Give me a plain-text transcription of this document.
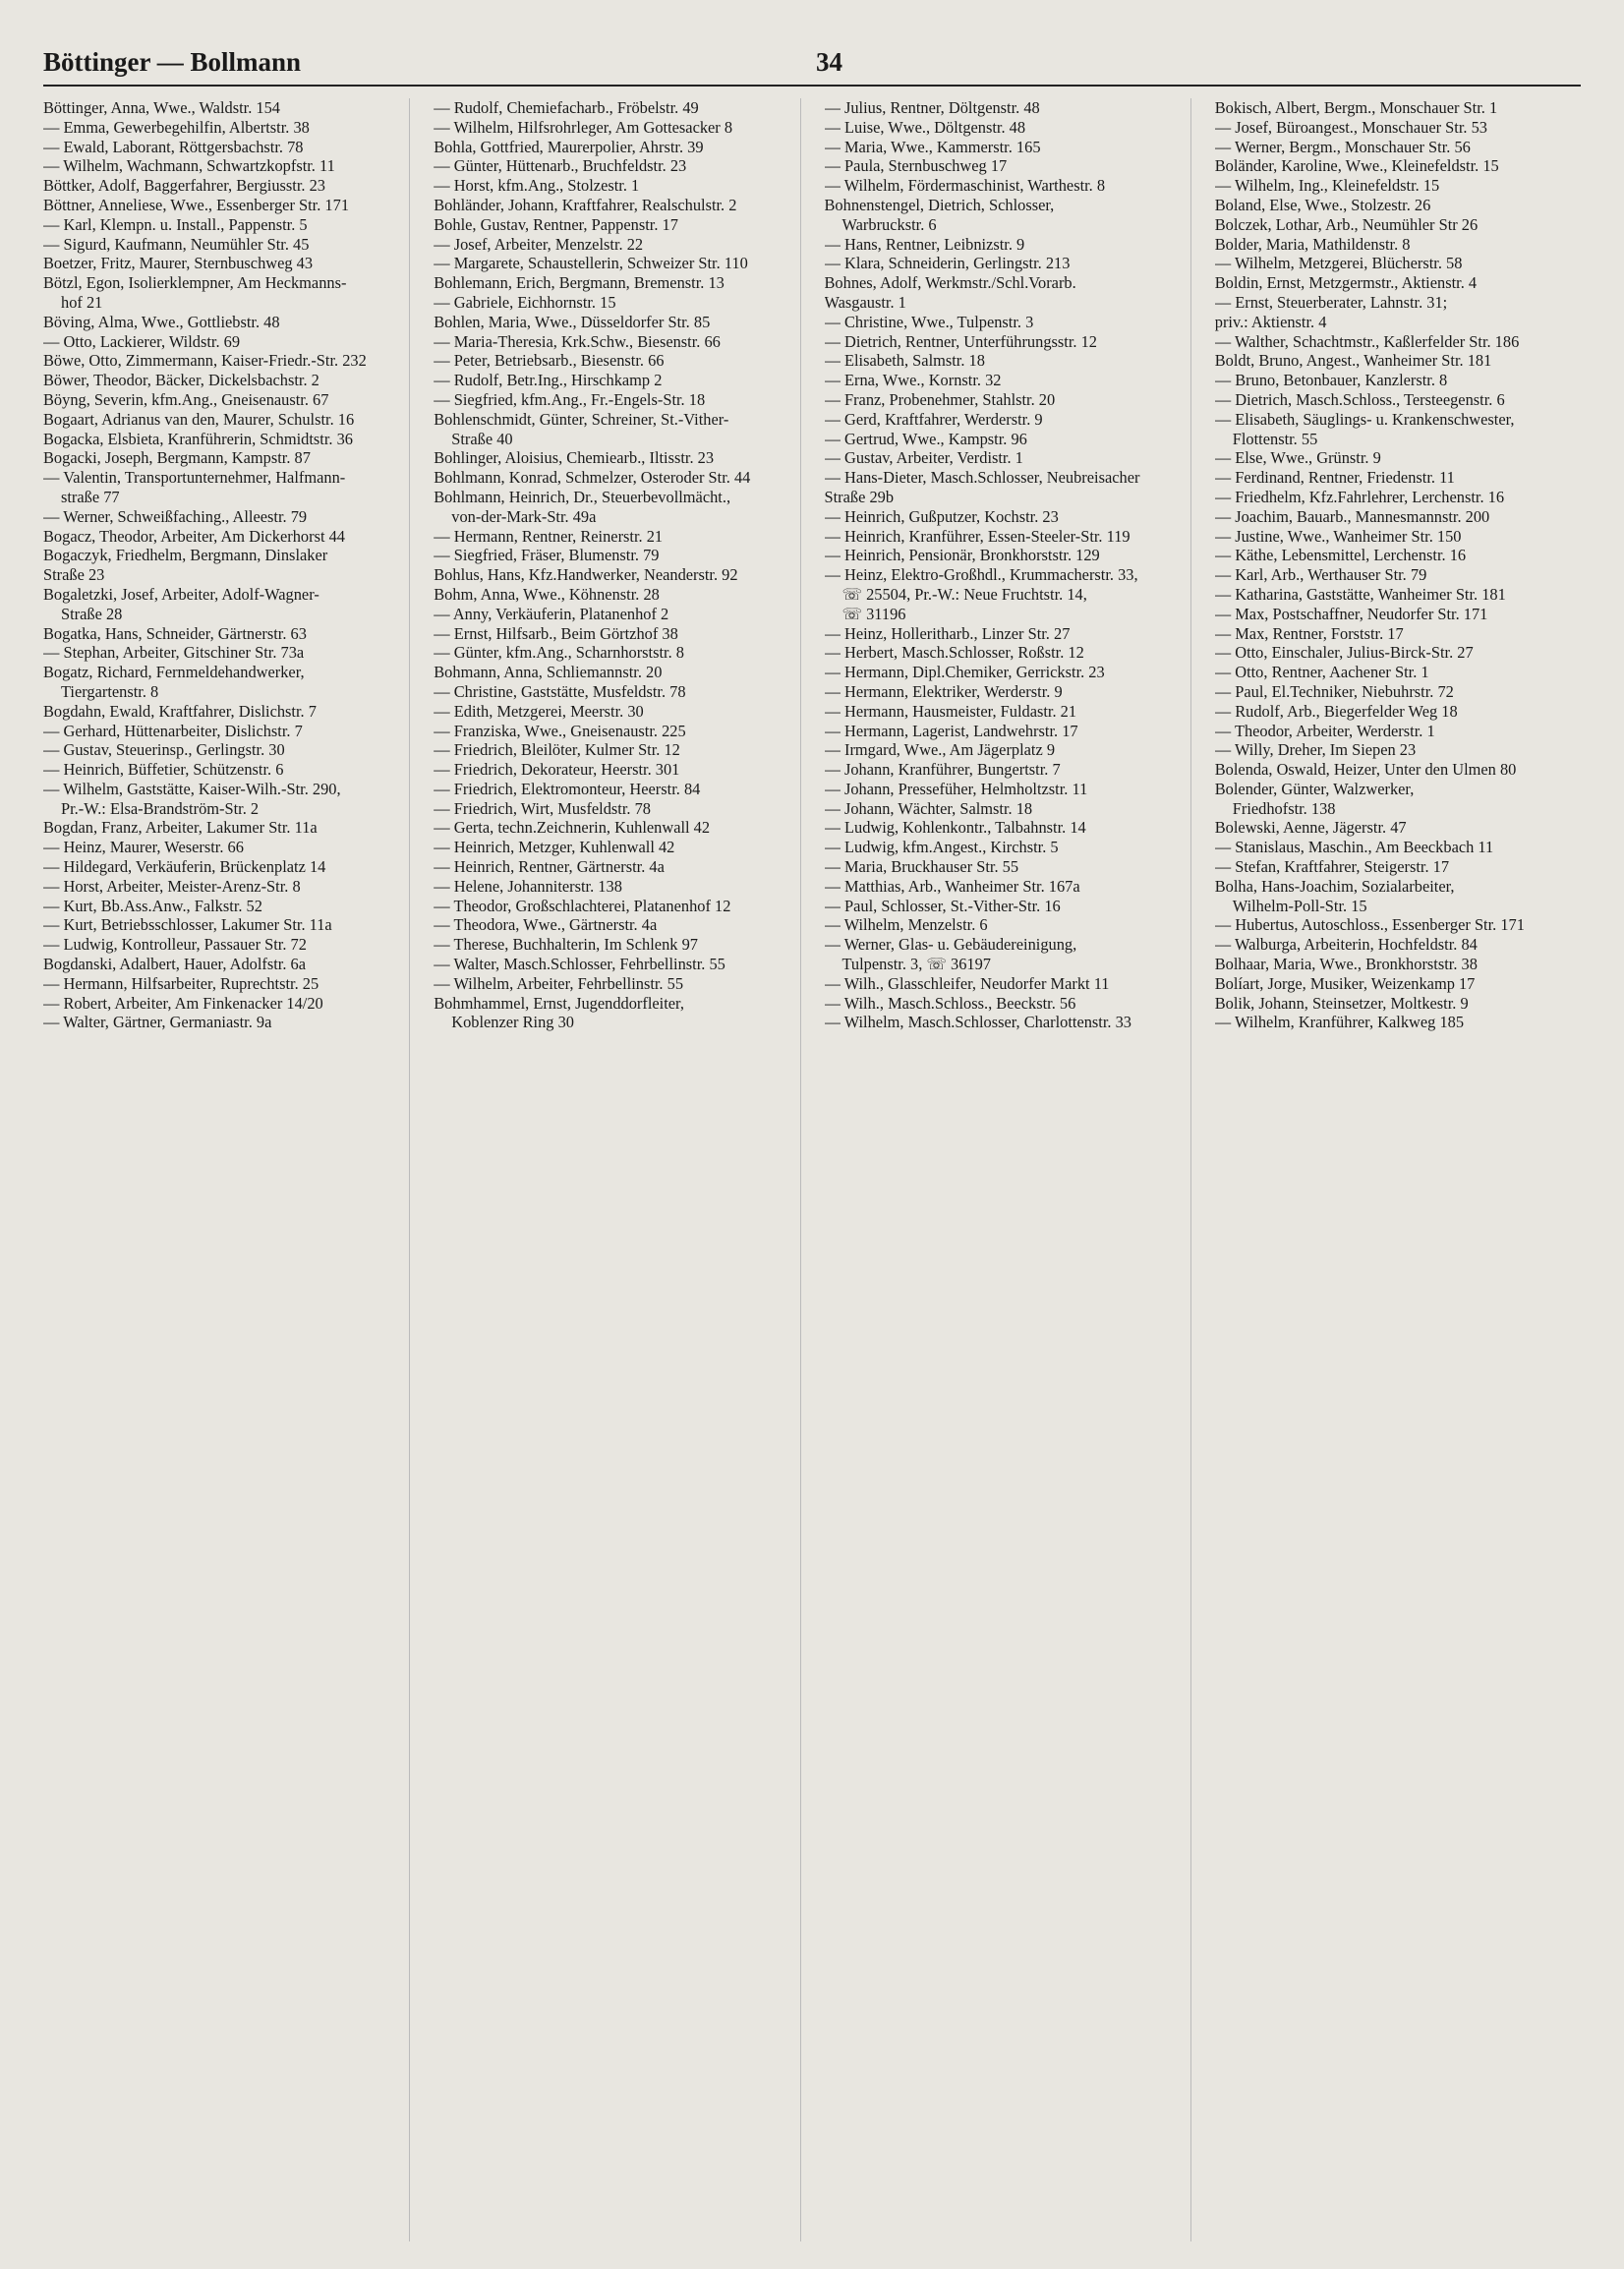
Böttinger — Bollmann	34
Böttinger, Anna, Wwe., Waldstr. 154
— Emma, Gewerbegehilfin, Albertstr. 38
— Ewald, Laborant, Röttgersbachstr. 78
— Wilhelm, Wachmann, Schwartzkopfstr. 11
Böttker, Adolf, Baggerfahrer, Bergiusstr. 23
Böttner, Anneliese, Wwe., Essenberger Str. 171
— Karl, Klempn. u. Install., Pappenstr. 5
— Sigurd, Kaufmann, Neumühler Str. 45
Boetzer, Fritz, Maurer, Sternbuschweg 43
Bötzl, Egon, Isolierklempner, Am Heckmanns-
hof 21
Böving, Alma, Wwe., Gottliebstr. 48
— Otto, Lackierer, Wildstr. 69
Böwe, Otto, Zimmermann, Kaiser-Friedr.-Str. 232
Böwer, Theodor, Bäcker, Dickelsbachstr. 2
Böyng, Severin, kfm.Ang., Gneisenaustr. 67
Bogaart, Adrianus van den, Maurer, Schulstr. 16
Bogacka, Elsbieta, Kranführerin, Schmidtstr. 36
Bogacki, Joseph, Bergmann, Kampstr. 87
— Valentin, Transportunternehmer, Halfmann-
straße 77
— Werner, Schweißfaching., Alleestr. 79
Bogacz, Theodor, Arbeiter, Am Dickerhorst 44
Bogaczyk, Friedhelm, Bergmann, Dinslaker
Straße 23
Bogaletzki, Josef, Arbeiter, Adolf-Wagner-
Straße 28
Bogatka, Hans, Schneider, Gärtnerstr. 63
— Stephan, Arbeiter, Gitschiner Str. 73a
Bogatz, Richard, Fernmeldehandwerker,
Tiergartenstr. 8
Bogdahn, Ewald, Kraftfahrer, Dislichstr. 7
— Gerhard, Hüttenarbeiter, Dislichstr. 7
— Gustav, Steuerinsp., Gerlingstr. 30
— Heinrich, Büffetier, Schützenstr. 6
— Wilhelm, Gaststätte, Kaiser-Wilh.-Str. 290,
Pr.-W.: Elsa-Brandström-Str. 2
Bogdan, Franz, Arbeiter, Lakumer Str. 11a
— Heinz, Maurer, Weserstr. 66
— Hildegard, Verkäuferin, Brückenplatz 14
— Horst, Arbeiter, Meister-Arenz-Str. 8
— Kurt, Bb.Ass.Anw., Falkstr. 52
— Kurt, Betriebsschlosser, Lakumer Str. 11a
— Ludwig, Kontrolleur, Passauer Str. 72
Bogdanski, Adalbert, Hauer, Adolfstr. 6a
— Hermann, Hilfsarbeiter, Ruprechtstr. 25
— Robert, Arbeiter, Am Finkenacker 14/20
— Walter, Gärtner, Germaniastr. 9a
— Rudolf, Chemiefacharb., Fröbelstr. 49
— Wilhelm, Hilfsrohrleger, Am Gottesacker 8
Bohla, Gottfried, Maurerpolier, Ahrstr. 39
— Günter, Hüttenarb., Bruchfeldstr. 23
— Horst, kfm.Ang., Stolzestr. 1
Bohländer, Johann, Kraftfahrer, Realschulstr. 2
Bohle, Gustav, Rentner, Pappenstr. 17
— Josef, Arbeiter, Menzelstr. 22
— Margarete, Schaustellerin, Schweizer Str. 110
Bohlemann, Erich, Bergmann, Bremenstr. 13
— Gabriele, Eichhornstr. 15
Bohlen, Maria, Wwe., Düsseldorfer Str. 85
— Maria-Theresia, Krk.Schw., Biesenstr. 66
— Peter, Betriebsarb., Biesenstr. 66
— Rudolf, Betr.Ing., Hirschkamp 2
— Siegfried, kfm.Ang., Fr.-Engels-Str. 18
Bohlenschmidt, Günter, Schreiner, St.-Vither-
Straße 40
Bohlinger, Aloisius, Chemiearb., Iltisstr. 23
Bohlmann, Konrad, Schmelzer, Osteroder Str. 44
Bohlmann, Heinrich, Dr., Steuerbevollmächt.,
von-der-Mark-Str. 49a
— Hermann, Rentner, Reinerstr. 21
— Siegfried, Fräser, Blumenstr. 79
Bohlus, Hans, Kfz.Handwerker, Neanderstr. 92
Bohm, Anna, Wwe., Köhnenstr. 28
— Anny, Verkäuferin, Platanenhof 2
— Ernst, Hilfsarb., Beim Görtzhof 38
— Günter, kfm.Ang., Scharnhorststr. 8
Bohmann, Anna, Schliemannstr. 20
— Christine, Gaststätte, Musfeldstr. 78
— Edith, Metzgerei, Meerstr. 30
— Franziska, Wwe., Gneisenaustr. 225
— Friedrich, Bleilöter, Kulmer Str. 12
— Friedrich, Dekorateur, Heerstr. 301
— Friedrich, Elektromonteur, Heerstr. 84
— Friedrich, Wirt, Musfeldstr. 78
— Gerta, techn.Zeichnerin, Kuhlenwall 42
— Heinrich, Metzger, Kuhlenwall 42
— Heinrich, Rentner, Gärtnerstr. 4a
— Helene, Johanniterstr. 138
— Theodor, Großschlachterei, Platanenhof 12
— Theodora, Wwe., Gärtnerstr. 4a
— Therese, Buchhalterin, Im Schlenk 97
— Walter, Masch.Schlosser, Fehrbellinstr. 55
— Wilhelm, Arbeiter, Fehrbellinstr. 55
Bohmhammel, Ernst, Jugenddorfleiter,
Koblenzer Ring 30
— Julius, Rentner, Döltgenstr. 48
— Luise, Wwe., Döltgenstr. 48
— Maria, Wwe., Kammerstr. 165
— Paula, Sternbuschweg 17
— Wilhelm, Fördermaschinist, Warthestr. 8
Bohnenstengel, Dietrich, Schlosser,
Warbruckstr. 6
— Hans, Rentner, Leibnizstr. 9
— Klara, Schneiderin, Gerlingstr. 213
Bohnes, Adolf, Werkmstr./Schl.Vorarb.
Wasgaustr. 1
— Christine, Wwe., Tulpenstr. 3
— Dietrich, Rentner, Unterführungsstr. 12
— Elisabeth, Salmstr. 18
— Erna, Wwe., Kornstr. 32
— Franz, Probenehmer, Stahlstr. 20
— Gerd, Kraftfahrer, Werderstr. 9
— Gertrud, Wwe., Kampstr. 96
— Gustav, Arbeiter, Verdistr. 1
— Hans-Dieter, Masch.Schlosser, Neubreisacher
Straße 29b
— Heinrich, Gußputzer, Kochstr. 23
— Heinrich, Kranführer, Essen-Steeler-Str. 119
— Heinrich, Pensionär, Bronkhorststr. 129
— Heinz, Elektro-Großhdl., Krummacherstr. 33,
☏ 25504, Pr.-W.: Neue Fruchtstr. 14,
☏ 31196
— Heinz, Holleritharb., Linzer Str. 27
— Herbert, Masch.Schlosser, Roßstr. 12
— Hermann, Dipl.Chemiker, Gerrickstr. 23
— Hermann, Elektriker, Werderstr. 9
— Hermann, Hausmeister, Fuldastr. 21
— Hermann, Lagerist, Landwehrstr. 17
— Irmgard, Wwe., Am Jägerplatz 9
— Johann, Kranführer, Bungertstr. 7
— Johann, Pressefüher, Helmholtzstr. 11
— Johann, Wächter, Salmstr. 18
— Ludwig, Kohlenkontr., Talbahnstr. 14
— Ludwig, kfm.Angest., Kirchstr. 5
— Maria, Bruckhauser Str. 55
— Matthias, Arb., Wanheimer Str. 167a
— Paul, Schlosser, St.-Vither-Str. 16
— Wilhelm, Menzelstr. 6
— Werner, Glas- u. Gebäudereinigung,
Tulpenstr. 3, ☏ 36197
— Wilh., Glasschleifer, Neudorfer Markt 11
— Wilh., Masch.Schloss., Beeckstr. 56
— Wilhelm, Masch.Schlosser, Charlottenstr. 33
Bokisch, Albert, Bergm., Monschauer Str. 1
— Josef, Büroangest., Monschauer Str. 53
— Werner, Bergm., Monschauer Str. 56
Boländer, Karoline, Wwe., Kleinefeldstr. 15
— Wilhelm, Ing., Kleinefeldstr. 15
Boland, Else, Wwe., Stolzestr. 26
Bolczek, Lothar, Arb., Neumühler Str 26
Bolder, Maria, Mathildenstr. 8
— Wilhelm, Metzgerei, Blücherstr. 58
Boldin, Ernst, Metzgermstr., Aktienstr. 4
— Ernst, Steuerberater, Lahnstr. 31;
priv.: Aktienstr. 4
— Walther, Schachtmstr., Kaßlerfelder Str. 186
Boldt, Bruno, Angest., Wanheimer Str. 181
— Bruno, Betonbauer, Kanzlerstr. 8
— Dietrich, Masch.Schloss., Tersteegenstr. 6
— Elisabeth, Säuglings- u. Krankenschwester,
Flottenstr. 55
— Else, Wwe., Grünstr. 9
— Ferdinand, Rentner, Friedenstr. 11
— Friedhelm, Kfz.Fahrlehrer, Lerchenstr. 16
— Joachim, Bauarb., Mannesmannstr. 200
— Justine, Wwe., Wanheimer Str. 150
— Käthe, Lebensmittel, Lerchenstr. 16
— Karl, Arb., Werthauser Str. 79
— Katharina, Gaststätte, Wanheimer Str. 181
— Max, Postschaffner, Neudorfer Str. 171
— Max, Rentner, Forststr. 17
— Otto, Einschaler, Julius-Birck-Str. 27
— Otto, Rentner, Aachener Str. 1
— Paul, El.Techniker, Niebuhrstr. 72
— Rudolf, Arb., Biegerfelder Weg 18
— Theodor, Arbeiter, Werderstr. 1
— Willy, Dreher, Im Siepen 23
Bolenda, Oswald, Heizer, Unter den Ulmen 80
Bolender, Günter, Walzwerker,
Friedhofstr. 138
Bolewski, Aenne, Jägerstr. 47
— Stanislaus, Maschin., Am Beeckbach 11
— Stefan, Kraftfahrer, Steigerstr. 17
Bolha, Hans-Joachim, Sozialarbeiter,
Wilhelm-Poll-Str. 15
— Hubertus, Autoschloss., Essenberger Str. 171
— Walburga, Arbeiterin, Hochfeldstr. 84
Bolhaar, Maria, Wwe., Bronkhorststr. 38
Bolíart, Jorge, Musiker, Weizenkamp 17
Bolik, Johann, Steinsetzer, Moltkestr. 9
— Wilhelm, Kranführer, Kalkweg 185
